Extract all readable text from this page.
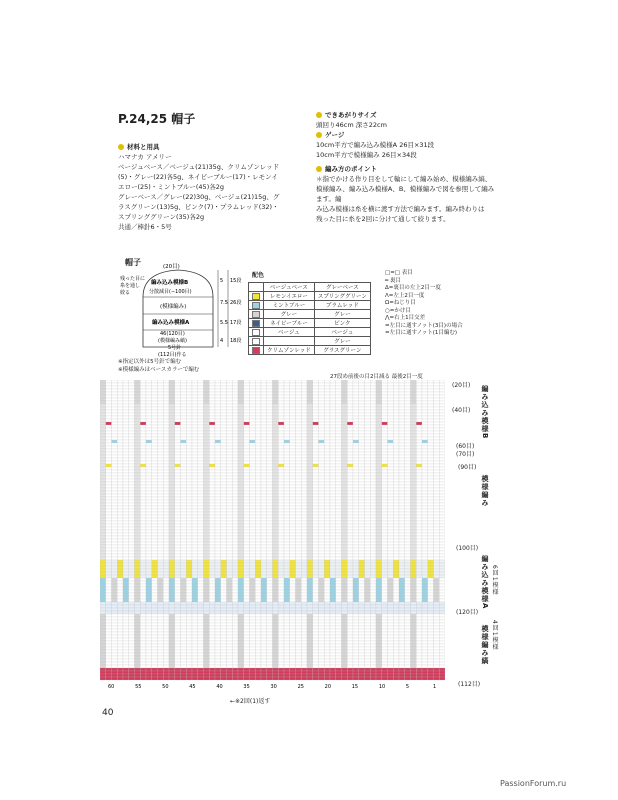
P.24,25 帽子
材料と用具
ハマナカ アメリー
ベージュベース／ベージュ(21)35g、クリムゾンレッド
(5)・グレー(22)各5g、ネイビーブルー(17)・レモンイ
エロー(25)・ミントブルー(45)各2g
グレーベース／グレー(22)30g、ベージュ(21)15g、グ
ラスグリーン(13)5g、ピンク(7)・プラムレッド(32)・
スプリンググリーン(35)各2g
共通／棒針6・5号
できあがりサイズ
頭回り46cm 深さ22cm
ゲージ
10cm平方で編み込み模様A 26目×31段
10cm平方で模様編み 26目×34段
編み方のポイント
＊指でかける作り目をして輪にして編み始め、模様編み縞、
模様編み、編み込み模様A、B、模様編みで図を参照して編みます。編
み込み模様は糸を横に渡す方法で編みます。編み終わりは
残った目に糸を2回に分けて通して絞ります。
帽子	(20目)
残った目に
糸を通し
絞る
編み込み模様B
分散減目(−100目)
(模様編み)
編み込み模様A
46(120目)
(模様編み縞)
5号針
(112目)作る
5
7.5
5.5
4
15段
26段
17段
18段
配色
	ベージュベース	グレーベース
	レモンイエロー	スプリンググリーン
	ミントブルー	プラムレッド
	グレー	グレー
	ネイビーブルー	ピンク
	ベージュ	ベージュ
		グレー
	クリムゾンレッド	グラスグリーン
□=□ 表目
━ 裏目
ᐃ=裏目の左上2目一度
ᐱ=左上2目一度
Ω=ねじり目
○=かけ目
⋀=右上1目交差
=左目に通すノット(3目)の場合
=左目に通すノット(1目編む)
※指定以外は5号針で編む
※模様編みはベースカラーで編む
27段め前後の目2目減る 最後2目一度
60	55	50	45	40	35	30	25	20	15	10	5	1
(20目)
(40目)
(60目)
(70目)
(90目)
(100目)
(120目)
(112目)
編み込み模様B
模様編み
編み込み模様A 6回1模様
模様編み縞 4回1模様
←※2回(1)返す
40
PassionForum.ru
